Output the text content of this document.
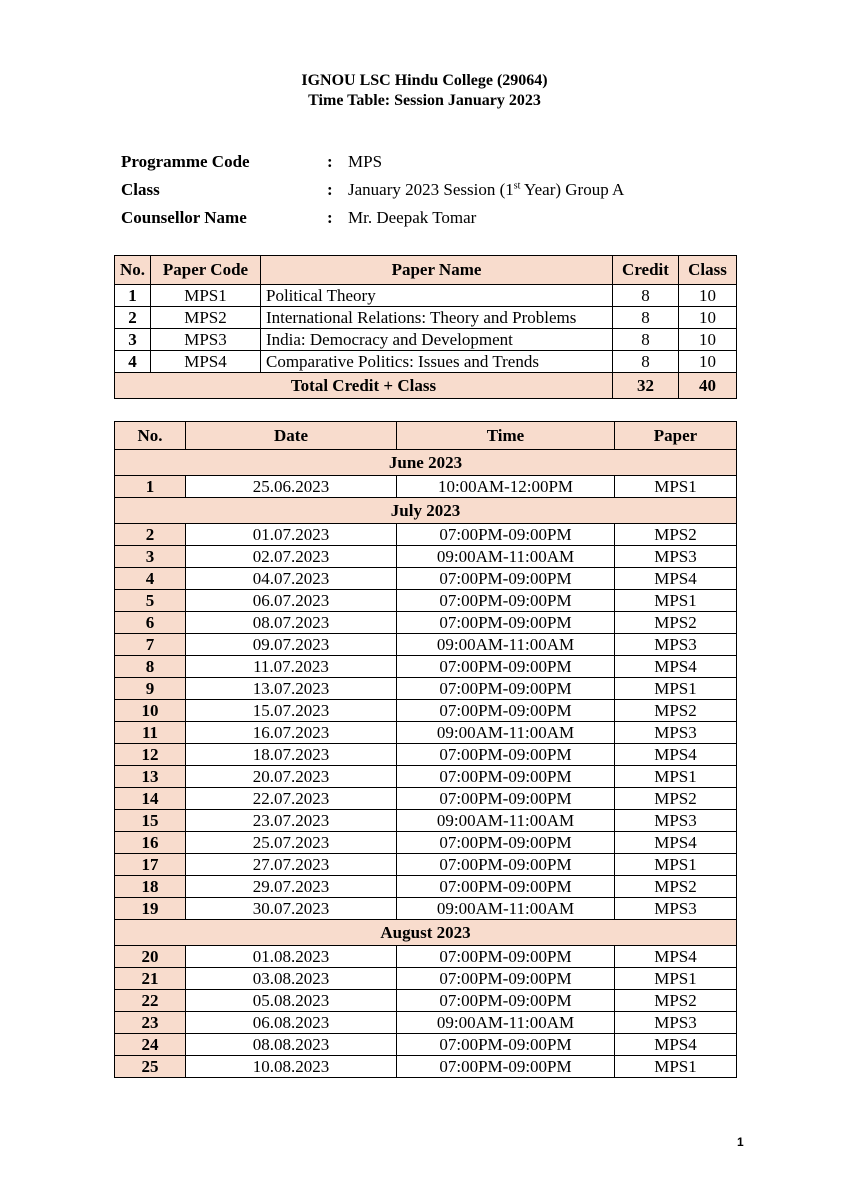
IGNOU LSC Hindu College (29064)
Time Table: Session January 2023
Programme Code	: MPS
Class	: January 2023 Session (1st Year) Group A
Counsellor Name	: Mr. Deepak Tomar
No.	Paper Code	Paper Name	Credit	Class
1	MPS1	Political Theory	8	10
2	MPS2	International Relations: Theory and Problems	8	10
3	MPS3	India: Democracy and Development	8	10
4	MPS4	Comparative Politics: Issues and Trends	8	10
Total Credit + Class			32	40
No.	Date	Time	Paper
June 2023			
1	25.06.2023	10:00AM-12:00PM	MPS1
July 2023			
2	01.07.2023	07:00PM-09:00PM	MPS2
3	02.07.2023	09:00AM-11:00AM	MPS3
4	04.07.2023	07:00PM-09:00PM	MPS4
5	06.07.2023	07:00PM-09:00PM	MPS1
6	08.07.2023	07:00PM-09:00PM	MPS2
7	09.07.2023	09:00AM-11:00AM	MPS3
8	11.07.2023	07:00PM-09:00PM	MPS4
9	13.07.2023	07:00PM-09:00PM	MPS1
10	15.07.2023	07:00PM-09:00PM	MPS2
11	16.07.2023	09:00AM-11:00AM	MPS3
12	18.07.2023	07:00PM-09:00PM	MPS4
13	20.07.2023	07:00PM-09:00PM	MPS1
14	22.07.2023	07:00PM-09:00PM	MPS2
15	23.07.2023	09:00AM-11:00AM	MPS3
16	25.07.2023	07:00PM-09:00PM	MPS4
17	27.07.2023	07:00PM-09:00PM	MPS1
18	29.07.2023	07:00PM-09:00PM	MPS2
19	30.07.2023	09:00AM-11:00AM	MPS3
August 2023			
20	01.08.2023	07:00PM-09:00PM	MPS4
21	03.08.2023	07:00PM-09:00PM	MPS1
22	05.08.2023	07:00PM-09:00PM	MPS2
23	06.08.2023	09:00AM-11:00AM	MPS3
24	08.08.2023	07:00PM-09:00PM	MPS4
25	10.08.2023	07:00PM-09:00PM	MPS1
1
